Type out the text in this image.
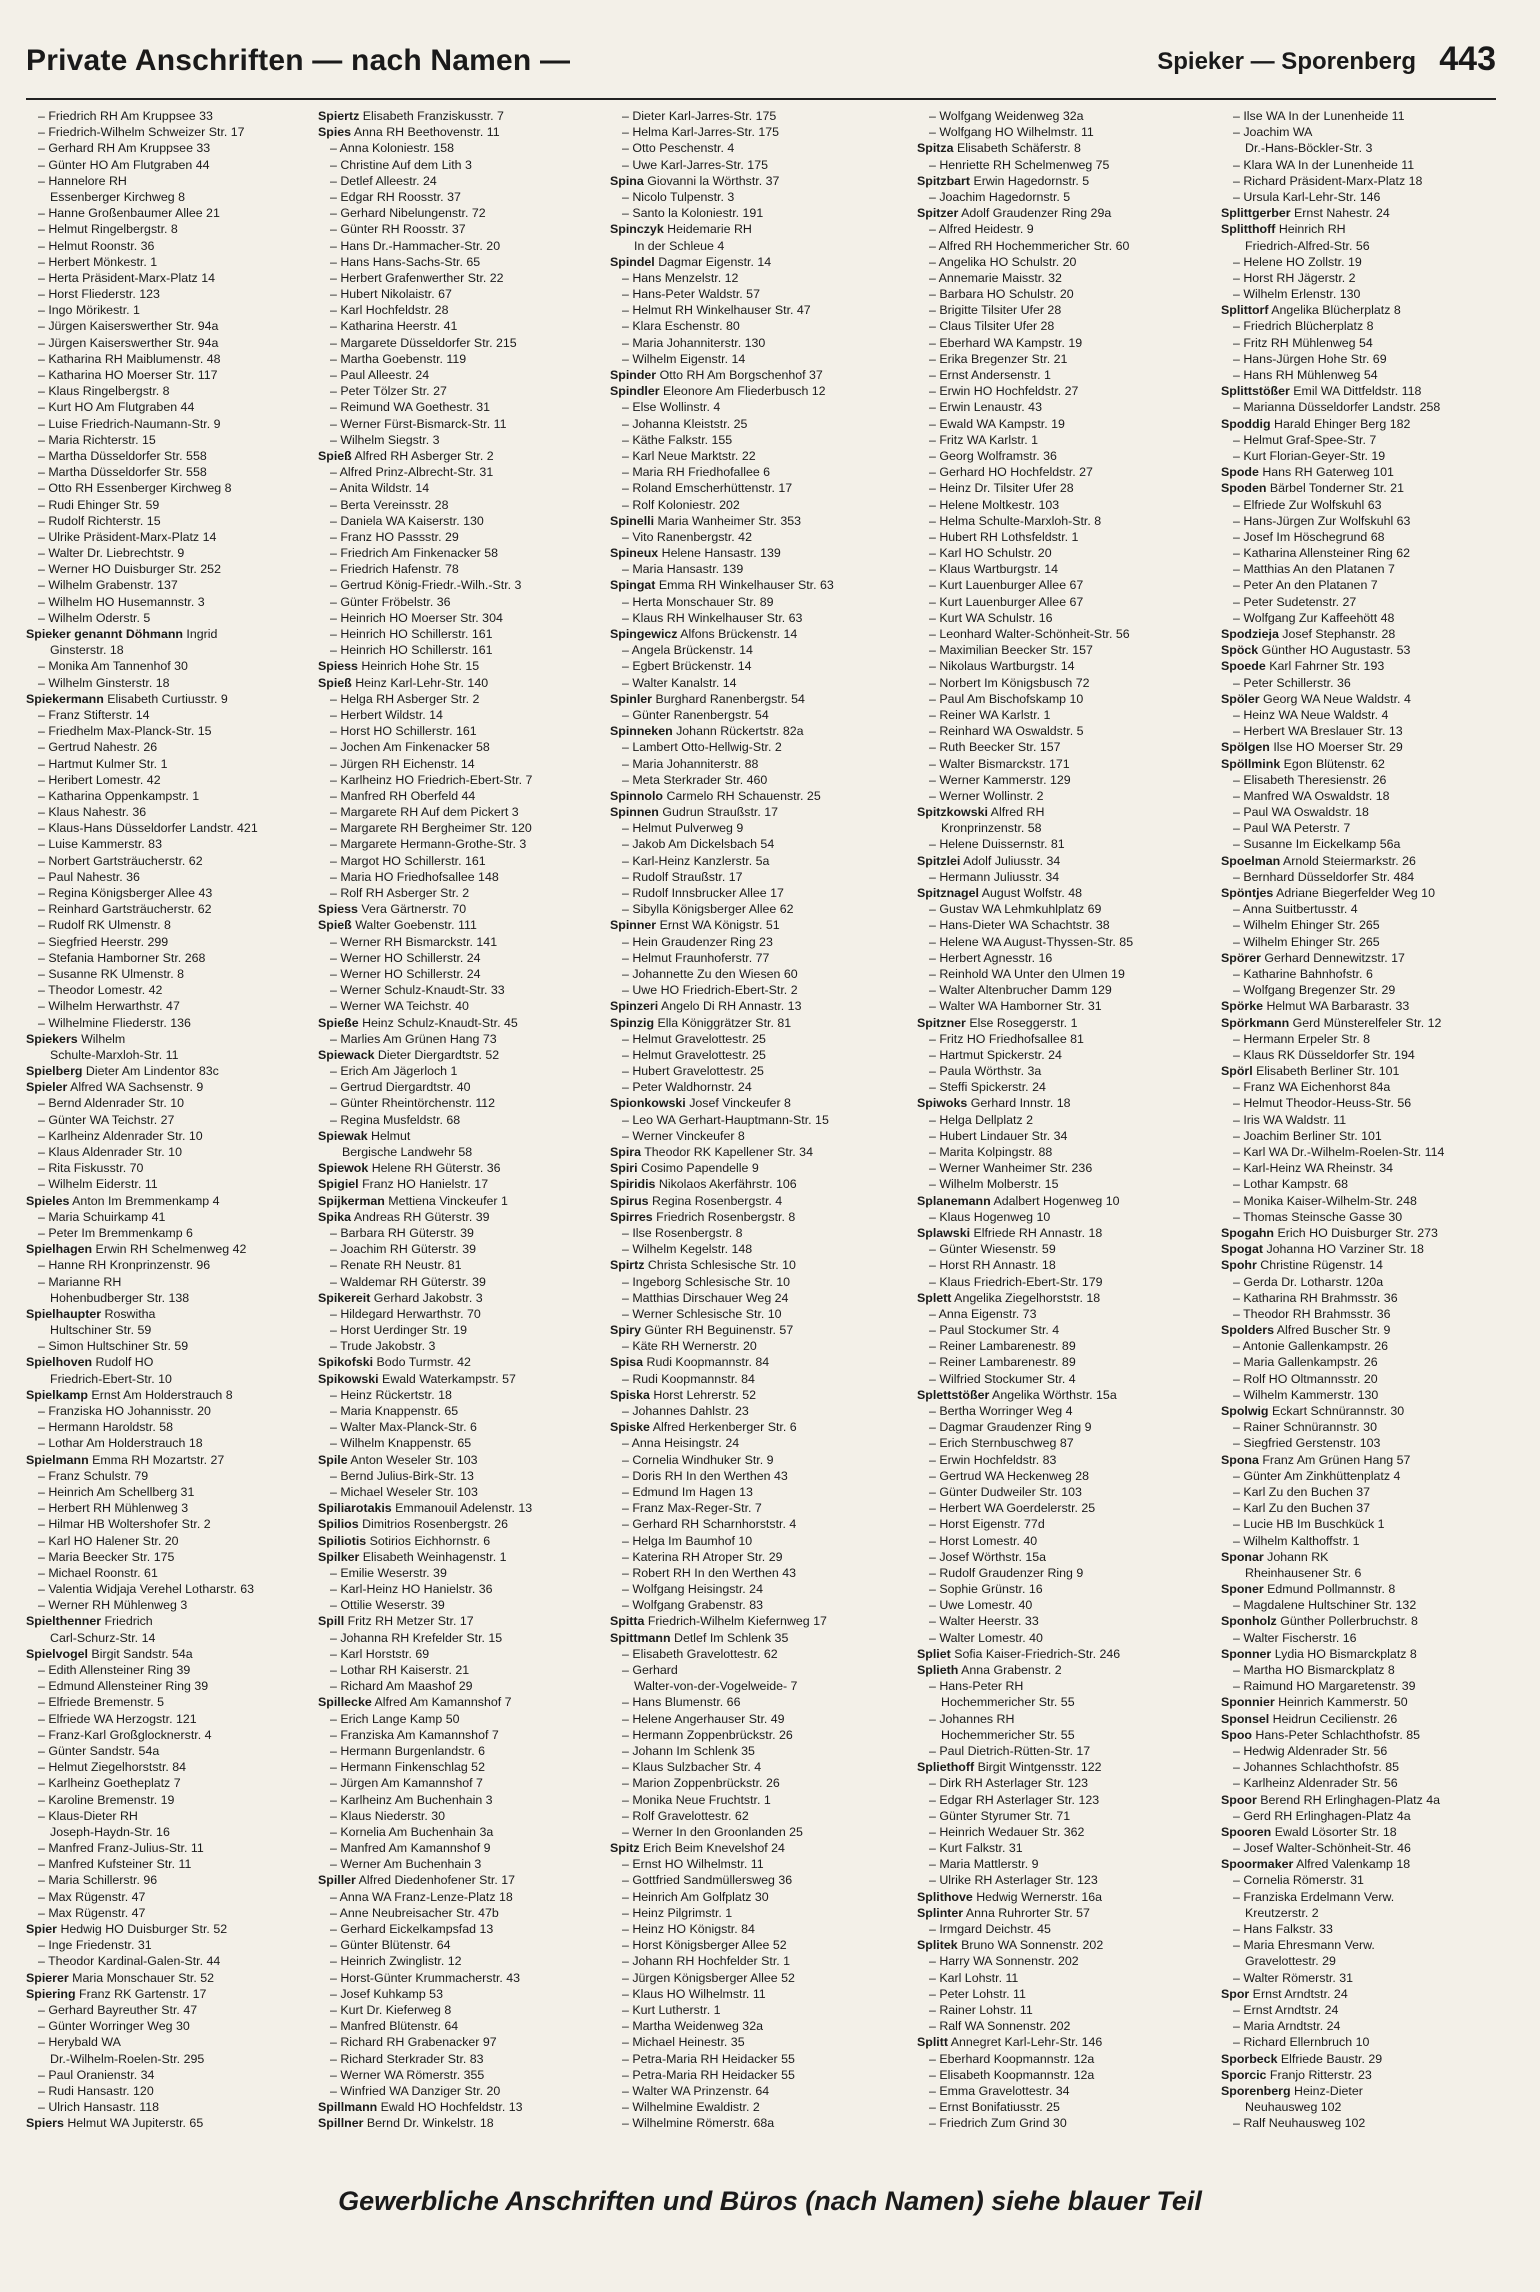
Private Anschriften — nach Namen —	Spieker — Sporenberg 443
– Friedrich RH Am Kruppsee 33
– Friedrich-Wilhelm Schweizer Str. 17
– Gerhard RH Am Kruppsee 33
– Günter HO Am Flutgraben 44
– Hannelore RH
Essenberger Kirchweg 8
– Hanne Großenbaumer Allee 21
– Helmut Ringelbergstr. 8
– Helmut Roonstr. 36
– Herbert Mönkestr. 1
– Herta Präsident-Marx-Platz 14
– Horst Fliederstr. 123
– Ingo Mörikestr. 1
– Jürgen Kaiserswerther Str. 94a
– Jürgen Kaiserswerther Str. 94a
– Katharina RH Maiblumenstr. 48
– Katharina HO Moerser Str. 117
– Klaus Ringelbergstr. 8
– Kurt HO Am Flutgraben 44
– Luise Friedrich-Naumann-Str. 9
– Maria Richterstr. 15
– Martha Düsseldorfer Str. 558
– Martha Düsseldorfer Str. 558
– Otto RH Essenberger Kirchweg 8
– Rudi Ehinger Str. 59
– Rudolf Richterstr. 15
– Ulrike Präsident-Marx-Platz 14
– Walter Dr. Liebrechtstr. 9
– Werner HO Duisburger Str. 252
– Wilhelm Grabenstr. 137
– Wilhelm HO Husemannstr. 3
– Wilhelm Oderstr. 5
Spieker genannt Döhmann Ingrid
Ginsterstr. 18
– Monika Am Tannenhof 30
– Wilhelm Ginsterstr. 18
Spiekermann Elisabeth Curtiusstr. 9
– Franz Stifterstr. 14
– Friedhelm Max-Planck-Str. 15
– Gertrud Nahestr. 26
– Hartmut Kulmer Str. 1
– Heribert Lomestr. 42
– Katharina Oppenkampstr. 1
– Klaus Nahestr. 36
– Klaus-Hans Düsseldorfer Landstr. 421
– Luise Kammerstr. 83
– Norbert Gartsträucherstr. 62
– Paul Nahestr. 36
– Regina Königsberger Allee 43
– Reinhard Gartsträucherstr. 62
– Rudolf RK Ulmenstr. 8
– Siegfried Heerstr. 299
– Stefania Hamborner Str. 268
– Susanne RK Ulmenstr. 8
– Theodor Lomestr. 42
– Wilhelm Herwarthstr. 47
– Wilhelmine Fliederstr. 136
Spiekers Wilhelm
Schulte-Marxloh-Str. 11
Spielberg Dieter Am Lindentor 83c
Spieler Alfred WA Sachsenstr. 9
– Bernd Aldenrader Str. 10
– Günter WA Teichstr. 27
– Karlheinz Aldenrader Str. 10
– Klaus Aldenrader Str. 10
– Rita Fiskusstr. 70
– Wilhelm Eiderstr. 11
Spieles Anton Im Bremmenkamp 4
– Maria Schuirkamp 41
– Peter Im Bremmenkamp 6
Spielhagen Erwin RH Schelmenweg 42
– Hanne RH Kronprinzenstr. 96
– Marianne RH
Hohenbudberger Str. 138
Spielhaupter Roswitha
Hultschiner Str. 59
– Simon Hultschiner Str. 59
Spielhoven Rudolf HO
Friedrich-Ebert-Str. 10
Spielkamp Ernst Am Holderstrauch 8
– Franziska HO Johannisstr. 20
– Hermann Haroldstr. 58
– Lothar Am Holderstrauch 18
Spielmann Emma RH Mozartstr. 27
– Franz Schulstr. 79
– Heinrich Am Schellberg 31
– Herbert RH Mühlenweg 3
– Hilmar HB Woltershofer Str. 2
– Karl HO Halener Str. 20
– Maria Beecker Str. 175
– Michael Roonstr. 61
– Valentia Widjaja Verehel Lotharstr. 63
– Werner RH Mühlenweg 3
Spielthenner Friedrich
Carl-Schurz-Str. 14
Spielvogel Birgit Sandstr. 54a
– Edith Allensteiner Ring 39
– Edmund Allensteiner Ring 39
– Elfriede Bremenstr. 5
– Elfriede WA Herzogstr. 121
– Franz-Karl Großglocknerstr. 4
– Günter Sandstr. 54a
– Helmut Ziegelhorststr. 84
– Karlheinz Goetheplatz 7
– Karoline Bremenstr. 19
– Klaus-Dieter RH
Joseph-Haydn-Str. 16
– Manfred Franz-Julius-Str. 11
– Manfred Kufsteiner Str. 11
– Maria Schillerstr. 96
– Max Rügenstr. 47
– Max Rügenstr. 47
Spier Hedwig HO Duisburger Str. 52
– Inge Friedenstr. 31
– Theodor Kardinal-Galen-Str. 44
Spierer Maria Monschauer Str. 52
Spiering Franz RK Gartenstr. 17
– Gerhard Bayreuther Str. 47
– Günter Worringer Weg 30
– Herybald WA
Dr.-Wilhelm-Roelen-Str. 295
– Paul Oranienstr. 34
– Rudi Hansastr. 120
– Ulrich Hansastr. 118
Spiers Helmut WA Jupiterstr. 65
Spiertz Elisabeth Franziskusstr. 7
Spies Anna RH Beethovenstr. 11
– Anna Koloniestr. 158
– Christine Auf dem Lith 3
– Detlef Alleestr. 24
– Edgar RH Roosstr. 37
– Gerhard Nibelungenstr. 72
– Günter RH Roosstr. 37
– Hans Dr.-Hammacher-Str. 20
– Hans Hans-Sachs-Str. 65
– Herbert Grafenwerther Str. 22
– Hubert Nikolaistr. 67
– Karl Hochfeldstr. 28
– Katharina Heerstr. 41
– Margarete Düsseldorfer Str. 215
– Martha Goebenstr. 119
– Paul Alleestr. 24
– Peter Tölzer Str. 27
– Reimund WA Goethestr. 31
– Werner Fürst-Bismarck-Str. 11
– Wilhelm Siegstr. 3
Spieß Alfred RH Asberger Str. 2
– Alfred Prinz-Albrecht-Str. 31
– Anita Wildstr. 14
– Berta Vereinsstr. 28
– Daniela WA Kaiserstr. 130
– Franz HO Passstr. 29
– Friedrich Am Finkenacker 58
– Friedrich Hafenstr. 78
– Gertrud König-Friedr.-Wilh.-Str. 3
– Günter Fröbelstr. 36
– Heinrich HO Moerser Str. 304
– Heinrich HO Schillerstr. 161
– Heinrich HO Schillerstr. 161
Spiess Heinrich Hohe Str. 15
Spieß Heinz Karl-Lehr-Str. 140
– Helga RH Asberger Str. 2
– Herbert Wildstr. 14
– Horst HO Schillerstr. 161
– Jochen Am Finkenacker 58
– Jürgen RH Eichenstr. 14
– Karlheinz HO Friedrich-Ebert-Str. 7
– Manfred RH Oberfeld 44
– Margarete RH Auf dem Pickert 3
– Margarete RH Bergheimer Str. 120
– Margarete Hermann-Grothe-Str. 3
– Margot HO Schillerstr. 161
– Maria HO Friedhofsallee 148
– Rolf RH Asberger Str. 2
Spiess Vera Gärtnerstr. 70
Spieß Walter Goebenstr. 111
– Werner RH Bismarckstr. 141
– Werner HO Schillerstr. 24
– Werner HO Schillerstr. 24
– Werner Schulz-Knaudt-Str. 33
– Werner WA Teichstr. 40
Spieße Heinz Schulz-Knaudt-Str. 45
– Marlies Am Grünen Hang 73
Spiewack Dieter Diergardtstr. 52
– Erich Am Jägerloch 1
– Gertrud Diergardtstr. 40
– Günter Rheintörchenstr. 112
– Regina Musfeldstr. 68
Spiewak Helmut
Bergische Landwehr 58
Spiewok Helene RH Güterstr. 36
Spigiel Franz HO Hanielstr. 17
Spijkerman Mettiena Vinckeufer 1
Spika Andreas RH Güterstr. 39
– Barbara RH Güterstr. 39
– Joachim RH Güterstr. 39
– Renate RH Neustr. 81
– Waldemar RH Güterstr. 39
Spikereit Gerhard Jakobstr. 3
– Hildegard Herwarthstr. 70
– Horst Uerdinger Str. 19
– Trude Jakobstr. 3
Spikofski Bodo Turmstr. 42
Spikowski Ewald Waterkampstr. 57
– Heinz Rückertstr. 18
– Maria Knappenstr. 65
– Walter Max-Planck-Str. 6
– Wilhelm Knappenstr. 65
Spile Anton Weseler Str. 103
– Bernd Julius-Birk-Str. 13
– Michael Weseler Str. 103
Spiliarotakis Emmanouil Adelenstr. 13
Spilios Dimitrios Rosenbergstr. 26
Spiliotis Sotirios Eichhornstr. 6
Spilker Elisabeth Weinhagenstr. 1
– Emilie Weserstr. 39
– Karl-Heinz HO Hanielstr. 36
– Ottilie Weserstr. 39
Spill Fritz RH Metzer Str. 17
– Johanna RH Krefelder Str. 15
– Karl Horststr. 69
– Lothar RH Kaiserstr. 21
– Richard Am Maashof 29
Spillecke Alfred Am Kamannshof 7
– Erich Lange Kamp 50
– Franziska Am Kamannshof 7
– Hermann Burgenlandstr. 6
– Hermann Finkenschlag 52
– Jürgen Am Kamannshof 7
– Karlheinz Am Buchenhain 3
– Klaus Niederstr. 30
– Kornelia Am Buchenhain 3a
– Manfred Am Kamannshof 9
– Werner Am Buchenhain 3
Spiller Alfred Diedenhofener Str. 17
– Anna WA Franz-Lenze-Platz 18
– Anne Neubreisacher Str. 47b
– Gerhard Eickelkampsfad 13
– Günter Blütenstr. 64
– Heinrich Zwinglistr. 12
– Horst-Günter Krummacherstr. 43
– Josef Kuhkamp 53
– Kurt Dr. Kieferweg 8
– Manfred Blütenstr. 64
– Richard RH Grabenacker 97
– Richard Sterkrader Str. 83
– Werner WA Römerstr. 355
– Winfried WA Danziger Str. 20
Spillmann Ewald HO Hochfeldstr. 13
Spillner Bernd Dr. Winkelstr. 18
– Dieter Karl-Jarres-Str. 175
– Helma Karl-Jarres-Str. 175
– Otto Peschenstr. 4
– Uwe Karl-Jarres-Str. 175
Spina Giovanni la Wörthstr. 37
– Nicolo Tulpenstr. 3
– Santo la Koloniestr. 191
Spinczyk Heidemarie RH
In der Schleue 4
Spindel Dagmar Eigenstr. 14
– Hans Menzelstr. 12
– Hans-Peter Waldstr. 57
– Helmut RH Winkelhauser Str. 47
– Klara Eschenstr. 80
– Maria Johanniterstr. 130
– Wilhelm Eigenstr. 14
Spinder Otto RH Am Borgschenhof 37
Spindler Eleonore Am Fliederbusch 12
– Else Wollinstr. 4
– Johanna Kleiststr. 25
– Käthe Falkstr. 155
– Karl Neue Marktstr. 22
– Maria RH Friedhofallee 6
– Roland Emscherhüttenstr. 17
– Rolf Koloniestr. 202
Spinelli Maria Wanheimer Str. 353
– Vito Ranenbergstr. 42
Spineux Helene Hansastr. 139
– Maria Hansastr. 139
Spingat Emma RH Winkelhauser Str. 63
– Herta Monschauer Str. 89
– Klaus RH Winkelhauser Str. 63
Spingewicz Alfons Brückenstr. 14
– Angela Brückenstr. 14
– Egbert Brückenstr. 14
– Walter Kanalstr. 14
Spinler Burghard Ranenbergstr. 54
– Günter Ranenbergstr. 54
Spinneken Johann Rückertstr. 82a
– Lambert Otto-Hellwig-Str. 2
– Maria Johanniterstr. 88
– Meta Sterkrader Str. 460
Spinnolo Carmelo RH Schauenstr. 25
Spinnen Gudrun Straußstr. 17
– Helmut Pulverweg 9
– Jakob Am Dickelsbach 54
– Karl-Heinz Kanzlerstr. 5a
– Rudolf Straußstr. 17
– Rudolf Innsbrucker Allee 17
– Sibylla Königsberger Allee 62
Spinner Ernst WA Königstr. 51
– Hein Graudenzer Ring 23
– Helmut Fraunhoferstr. 77
– Johannette Zu den Wiesen 60
– Uwe HO Friedrich-Ebert-Str. 2
Spinzeri Angelo Di RH Annastr. 13
Spinzig Ella Königgrätzer Str. 81
– Helmut Gravelottestr. 25
– Helmut Gravelottestr. 25
– Hubert Gravelottestr. 25
– Peter Waldhornstr. 24
Spionkowski Josef Vinckeufer 8
– Leo WA Gerhart-Hauptmann-Str. 15
– Werner Vinckeufer 8
Spira Theodor RK Kapellener Str. 34
Spiri Cosimo Papendelle 9
Spiridis Nikolaos Akerfährstr. 106
Spirus Regina Rosenbergstr. 4
Spirres Friedrich Rosenbergstr. 8
– Ilse Rosenbergstr. 8
– Wilhelm Kegelstr. 148
Spirtz Christa Schlesische Str. 10
– Ingeborg Schlesische Str. 10
– Matthias Dirschauer Weg 24
– Werner Schlesische Str. 10
Spiry Günter RH Beguinenstr. 57
– Käte RH Wernerstr. 20
Spisa Rudi Koopmannstr. 84
– Rudi Koopmannstr. 84
Spiska Horst Lehrerstr. 52
– Johannes Dahlstr. 23
Spiske Alfred Herkenberger Str. 6
– Anna Heisingstr. 24
– Cornelia Windhuker Str. 9
– Doris RH In den Werthen 43
– Edmund Im Hagen 13
– Franz Max-Reger-Str. 7
– Gerhard RH Scharnhorststr. 4
– Helga Im Baumhof 10
– Katerina RH Atroper Str. 29
– Robert RH In den Werthen 43
– Wolfgang Heisingstr. 24
– Wolfgang Grabenstr. 83
Spitta Friedrich-Wilhelm Kiefernweg 17
Spittmann Detlef Im Schlenk 35
– Elisabeth Gravelottestr. 62
– Gerhard
Walter-von-der-Vogelweide- 7
– Hans Blumenstr. 66
– Helene Angerhauser Str. 49
– Hermann Zoppenbrückstr. 26
– Johann Im Schlenk 35
– Klaus Sulzbacher Str. 4
– Marion Zoppenbrückstr. 26
– Monika Neue Fruchtstr. 1
– Rolf Gravelottestr. 62
– Werner In den Groonlanden 25
Spitz Erich Beim Knevelshof 24
– Ernst HO Wilhelmstr. 11
– Gottfried Sandmüllersweg 36
– Heinrich Am Golfplatz 30
– Heinz Pilgrimstr. 1
– Heinz HO Königstr. 84
– Horst Königsberger Allee 52
– Johann RH Hochfelder Str. 1
– Jürgen Königsberger Allee 52
– Klaus HO Wilhelmstr. 11
– Kurt Lutherstr. 1
– Martha Weidenweg 32a
– Michael Heinestr. 35
– Petra-Maria RH Heidacker 55
– Petra-Maria RH Heidacker 55
– Walter WA Prinzenstr. 64
– Wilhelmine Ewaldistr. 2
– Wilhelmine Römerstr. 68a
– Wolfgang Weidenweg 32a
– Wolfgang HO Wilhelmstr. 11
Spitza Elisabeth Schäferstr. 8
– Henriette RH Schelmenweg 75
Spitzbart Erwin Hagedornstr. 5
– Joachim Hagedornstr. 5
Spitzer Adolf Graudenzer Ring 29a
– Alfred Heidestr. 9
– Alfred RH Hochemmericher Str. 60
– Angelika HO Schulstr. 20
– Annemarie Maisstr. 32
– Barbara HO Schulstr. 20
– Brigitte Tilsiter Ufer 28
– Claus Tilsiter Ufer 28
– Eberhard WA Kampstr. 19
– Erika Bregenzer Str. 21
– Ernst Andersenstr. 1
– Erwin HO Hochfeldstr. 27
– Erwin Lenaustr. 43
– Ewald WA Kampstr. 19
– Fritz WA Karlstr. 1
– Georg Wolframstr. 36
– Gerhard HO Hochfeldstr. 27
– Heinz Dr. Tilsiter Ufer 28
– Helene Moltkestr. 103
– Helma Schulte-Marxloh-Str. 8
– Hubert RH Lothsfeldstr. 1
– Karl HO Schulstr. 20
– Klaus Wartburgstr. 14
– Kurt Lauenburger Allee 67
– Kurt Lauenburger Allee 67
– Kurt WA Schulstr. 16
– Leonhard Walter-Schönheit-Str. 56
– Maximilian Beecker Str. 157
– Nikolaus Wartburgstr. 14
– Norbert Im Königsbusch 72
– Paul Am Bischofskamp 10
– Reiner WA Karlstr. 1
– Reinhard WA Oswaldstr. 5
– Ruth Beecker Str. 157
– Walter Bismarckstr. 171
– Werner Kammerstr. 129
– Werner Wollinstr. 2
Spitzkowski Alfred RH
Kronprinzenstr. 58
– Helene Duissernstr. 81
Spitzlei Adolf Juliusstr. 34
– Hermann Juliusstr. 34
Spitznagel August Wolfstr. 48
– Gustav WA Lehmkuhlplatz 69
– Hans-Dieter WA Schachtstr. 38
– Helene WA August-Thyssen-Str. 85
– Herbert Agnesstr. 16
– Reinhold WA Unter den Ulmen 19
– Walter Altenbrucher Damm 129
– Walter WA Hamborner Str. 31
Spitzner Else Roseggerstr. 1
– Fritz HO Friedhofsallee 81
– Hartmut Spickerstr. 24
– Paula Wörthstr. 3a
– Steffi Spickerstr. 24
Spiwoks Gerhard Innstr. 18
– Helga Dellplatz 2
– Hubert Lindauer Str. 34
– Marita Kolpingstr. 88
– Werner Wanheimer Str. 236
– Wilhelm Molberstr. 15
Splanemann Adalbert Hogenweg 10
– Klaus Hogenweg 10
Splawski Elfriede RH Annastr. 18
– Günter Wiesenstr. 59
– Horst RH Annastr. 18
– Klaus Friedrich-Ebert-Str. 179
Splett Angelika Ziegelhorststr. 18
– Anna Eigenstr. 73
– Paul Stockumer Str. 4
– Reiner Lambarenestr. 89
– Reiner Lambarenestr. 89
– Wilfried Stockumer Str. 4
Splettstößer Angelika Wörthstr. 15a
– Bertha Worringer Weg 4
– Dagmar Graudenzer Ring 9
– Erich Sternbuschweg 87
– Erwin Hochfeldstr. 83
– Gertrud WA Heckenweg 28
– Günter Dudweiler Str. 103
– Herbert WA Goerdelerstr. 25
– Horst Eigenstr. 77d
– Horst Lomestr. 40
– Josef Wörthstr. 15a
– Rudolf Graudenzer Ring 9
– Sophie Grünstr. 16
– Uwe Lomestr. 40
– Walter Heerstr. 33
– Walter Lomestr. 40
Spliet Sofia Kaiser-Friedrich-Str. 246
Splieth Anna Grabenstr. 2
– Hans-Peter RH
Hochemmericher Str. 55
– Johannes RH
Hochemmericher Str. 55
– Paul Dietrich-Rütten-Str. 17
Spliethoff Birgit Wintgensstr. 122
– Dirk RH Asterlager Str. 123
– Edgar RH Asterlager Str. 123
– Günter Styrumer Str. 71
– Heinrich Wedauer Str. 362
– Kurt Falkstr. 31
– Maria Mattlerstr. 9
– Ulrike RH Asterlager Str. 123
Splithove Hedwig Wernerstr. 16a
Splinter Anna Ruhrorter Str. 57
– Irmgard Deichstr. 45
Splitek Bruno WA Sonnenstr. 202
– Harry WA Sonnenstr. 202
– Karl Lohstr. 11
– Peter Lohstr. 11
– Rainer Lohstr. 11
– Ralf WA Sonnenstr. 202
Splitt Annegret Karl-Lehr-Str. 146
– Eberhard Koopmannstr. 12a
– Elisabeth Koopmannstr. 12a
– Emma Gravelottestr. 34
– Ernst Bonifatiusstr. 25
– Friedrich Zum Grind 30
– Ilse WA In der Lunenheide 11
– Joachim WA
Dr.-Hans-Böckler-Str. 3
– Klara WA In der Lunenheide 11
– Richard Präsident-Marx-Platz 18
– Ursula Karl-Lehr-Str. 146
Splittgerber Ernst Nahestr. 24
Splitthoff Heinrich RH
Friedrich-Alfred-Str. 56
– Helene HO Zollstr. 19
– Horst RH Jägerstr. 2
– Wilhelm Erlenstr. 130
Splittorf Angelika Blücherplatz 8
– Friedrich Blücherplatz 8
– Fritz RH Mühlenweg 54
– Hans-Jürgen Hohe Str. 69
– Hans RH Mühlenweg 54
Splittstößer Emil WA Dittfeldstr. 118
– Marianna Düsseldorfer Landstr. 258
Spoddig Harald Ehinger Berg 182
– Helmut Graf-Spee-Str. 7
– Kurt Florian-Geyer-Str. 19
Spode Hans RH Gaterweg 101
Spoden Bärbel Tonderner Str. 21
– Elfriede Zur Wolfskuhl 63
– Hans-Jürgen Zur Wolfskuhl 63
– Josef Im Höschegrund 68
– Katharina Allensteiner Ring 62
– Matthias An den Platanen 7
– Peter An den Platanen 7
– Peter Sudetenstr. 27
– Wolfgang Zur Kaffeehött 48
Spodzieja Josef Stephanstr. 28
Spöck Günther HO Augustastr. 53
Spoede Karl Fahrner Str. 193
– Peter Schillerstr. 36
Spöler Georg WA Neue Waldstr. 4
– Heinz WA Neue Waldstr. 4
– Herbert WA Breslauer Str. 13
Spölgen Ilse HO Moerser Str. 29
Spöllmink Egon Blütenstr. 62
– Elisabeth Theresienstr. 26
– Manfred WA Oswaldstr. 18
– Paul WA Oswaldstr. 18
– Paul WA Peterstr. 7
– Susanne Im Eickelkamp 56a
Spoelman Arnold Steiermarkstr. 26
– Bernhard Düsseldorfer Str. 484
Spöntjes Adriane Biegerfelder Weg 10
– Anna Suitbertusstr. 4
– Wilhelm Ehinger Str. 265
– Wilhelm Ehinger Str. 265
Spörer Gerhard Dennewitzstr. 17
– Katharine Bahnhofstr. 6
– Wolfgang Bregenzer Str. 29
Spörke Helmut WA Barbarastr. 33
Spörkmann Gerd Münsterelfeler Str. 12
– Hermann Erpeler Str. 8
– Klaus RK Düsseldorfer Str. 194
Spörl Elisabeth Berliner Str. 101
– Franz WA Eichenhorst 84a
– Helmut Theodor-Heuss-Str. 56
– Iris WA Waldstr. 11
– Joachim Berliner Str. 101
– Karl WA Dr.-Wilhelm-Roelen-Str. 114
– Karl-Heinz WA Rheinstr. 34
– Lothar Kampstr. 68
– Monika Kaiser-Wilhelm-Str. 248
– Thomas Steinsche Gasse 30
Spogahn Erich HO Duisburger Str. 273
Spogat Johanna HO Varziner Str. 18
Spohr Christine Rügenstr. 14
– Gerda Dr. Lotharstr. 120a
– Katharina RH Brahmsstr. 36
– Theodor RH Brahmsstr. 36
Spolders Alfred Buscher Str. 9
– Antonie Gallenkampstr. 26
– Maria Gallenkampstr. 26
– Rolf HO Oltmannsstr. 20
– Wilhelm Kammerstr. 130
Spolwig Eckart Schnürannstr. 30
– Rainer Schnürannstr. 30
– Siegfried Gerstenstr. 103
Spona Franz Am Grünen Hang 57
– Günter Am Zinkhüttenplatz 4
– Karl Zu den Buchen 37
– Karl Zu den Buchen 37
– Lucie HB Im Buschkück 1
– Wilhelm Kalthoffstr. 1
Sponar Johann RK
Rheinhausener Str. 6
Sponer Edmund Pollmannstr. 8
– Magdalene Hultschiner Str. 132
Sponholz Günther Pollerbruchstr. 8
– Walter Fischerstr. 16
Sponner Lydia HO Bismarckplatz 8
– Martha HO Bismarckplatz 8
– Raimund HO Margaretenstr. 39
Sponnier Heinrich Kammerstr. 50
Sponsel Heidrun Cecilienstr. 26
Spoo Hans-Peter Schlachthofstr. 85
– Hedwig Aldenrader Str. 56
– Johannes Schlachthofstr. 85
– Karlheinz Aldenrader Str. 56
Spoor Berend RH Erlinghagen-Platz 4a
– Gerd RH Erlinghagen-Platz 4a
Spooren Ewald Lösorter Str. 18
– Josef Walter-Schönheit-Str. 46
Spoormaker Alfred Valenkamp 18
– Cornelia Römerstr. 31
– Franziska Erdelmann Verw.
Kreutzerstr. 2
– Hans Falkstr. 33
– Maria Ehresmann Verw.
Gravelottestr. 29
– Walter Römerstr. 31
Spor Ernst Arndtstr. 24
– Ernst Arndtstr. 24
– Maria Arndtstr. 24
– Richard Ellernbruch 10
Sporbeck Elfriede Baustr. 29
Sporcic Franjo Ritterstr. 23
Sporenberg Heinz-Dieter
Neuhausweg 102
– Ralf Neuhausweg 102
Gewerbliche Anschriften und Büros (nach Namen) siehe blauer Teil
